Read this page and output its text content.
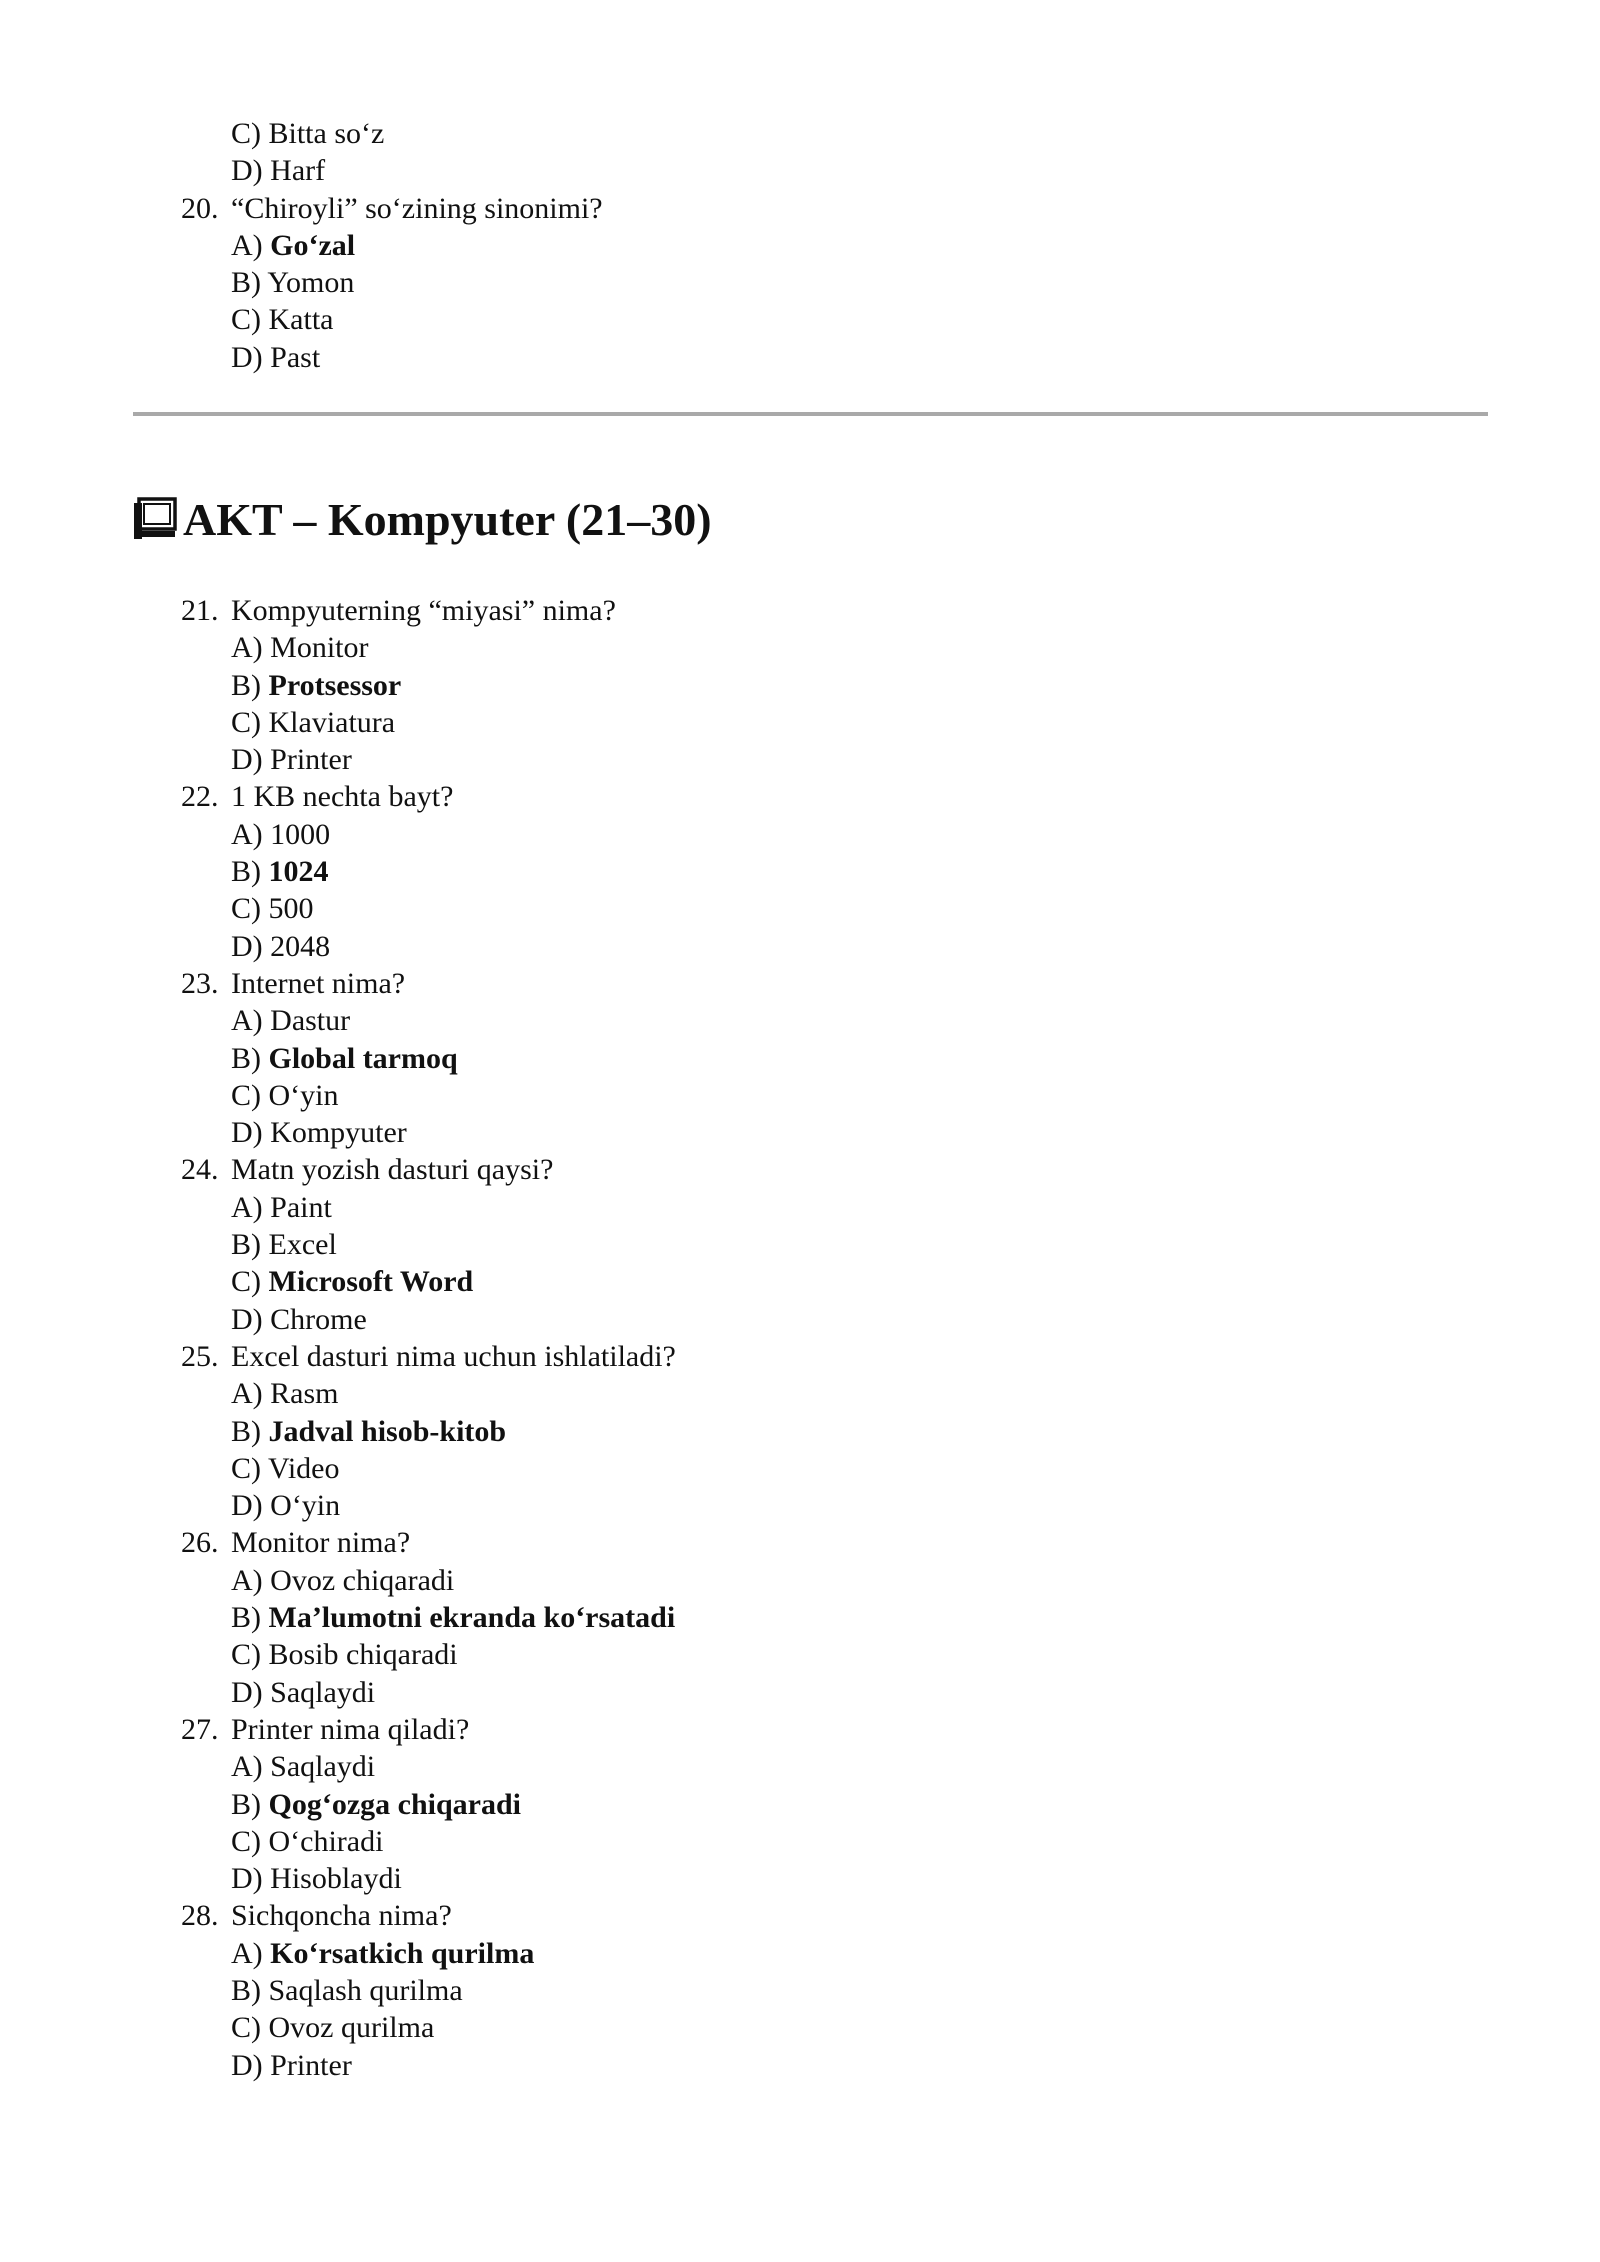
C) Bitta so‘z
D) Harf
20. “Chiroyli” so‘zining sinonimi?
A) Go‘zal
B) Yomon
C) Katta
D) Past
AKT – Kompyuter (21–30)
21. Kompyuterning “miyasi” nima?
A) Monitor
B) Protsessor
C) Klaviatura
D) Printer
22. 1 KB nechta bayt?
A) 1000
B) 1024
C) 500
D) 2048
23. Internet nima?
A) Dastur
B) Global tarmoq
C) O‘yin
D) Kompyuter
24. Matn yozish dasturi qaysi?
A) Paint
B) Excel
C) Microsoft Word
D) Chrome
25. Excel dasturi nima uchun ishlatiladi?
A) Rasm
B) Jadval hisob-kitob
C) Video
D) O‘yin
26. Monitor nima?
A) Ovoz chiqaradi
B) Ma’lumotni ekranda ko‘rsatadi
C) Bosib chiqaradi
D) Saqlaydi
27. Printer nima qiladi?
A) Saqlaydi
B) Qog‘ozga chiqaradi
C) O‘chiradi
D) Hisoblaydi
28. Sichqoncha nima?
A) Ko‘rsatkich qurilma
B) Saqlash qurilma
C) Ovoz qurilma
D) Printer
